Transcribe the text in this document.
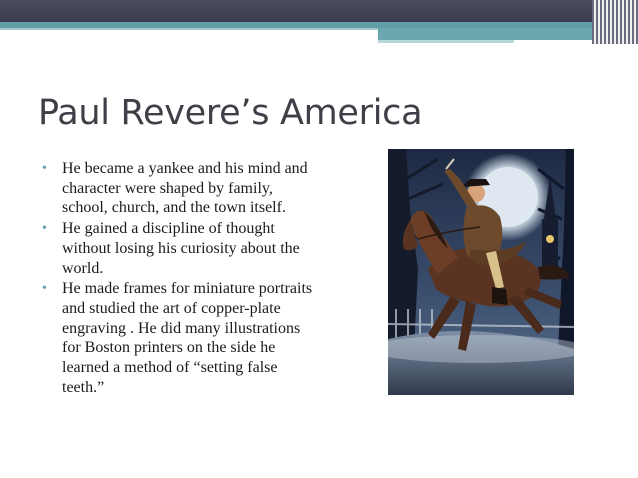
Paul Revere’s America
• He became a yankee and his mind and character were shaped by family, school, church, and the town itself.
• He gained a discipline of thought without losing his curiosity about the world.
• He made frames for miniature portraits and studied the art of copper-plate engraving . He did many illustrations for Boston printers on the side he learned a method of “setting false teeth.”
